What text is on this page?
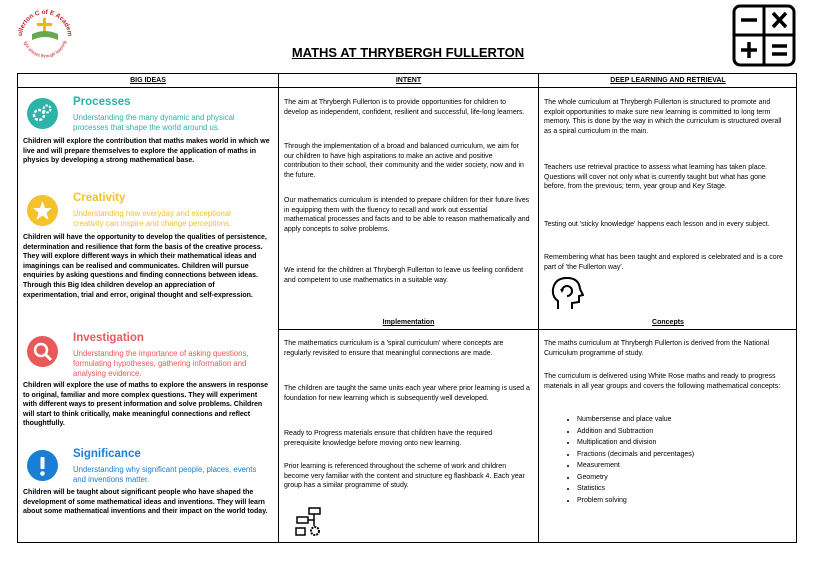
ullerton C of E Academ
ight shines through learning
MATHS AT THRYBERGH FULLERTON
BIG IDEAS
Processes
Understanding the many dynamic and physical processes that shape the world around us.

Children will explore the contribution that maths makes world in which we live and will prepare themselves to explore the application of maths in physics by developing a strong mathematical base.

Creativity
Understanding how everyday and exceptional creativity can inspire and change perceptions.

Children will have the opportunity to develop the qualities of persistence, determination and resilience that form the basis of the creative process. They will explore different ways in which their mathematical ideas and imaginings can be realised and communicates. Children will pursue enquiries by asking questions and finding connections between ideas. Through this Big Idea children develop an appreciation of experimentation, trial and error, original thought and self-expression.

Investigation
Understanding the importance of asking questions, formulating hypotheses, gathering information and analysing evidence.

Children will explore the use of maths to explore the answers in response to original, familiar and more complex questions. They will experiment with different ways to present information and solve problems. Children will start to think critically, make meaningful connections and reflect thoughtfully.

Significance
Understanding why significant people, places, events and inventions matter.

Children will be taught about significant people who have shaped the development of some mathematical ideas and inventions. They will learn about some mathematical inventions and their impact on the world today.

INTENT

The aim at Thrybergh Fullerton is to provide opportunities for children to develop as independent, confident, resilient and successful, life-long learners.

Through the implementation of a broad and balanced curriculum, we aim for our children to have high aspirations to make an active and positive contribution to their school, their community and the wider society, now and in the future.

Our mathematics curriculum is intended to prepare children for their future lives in equipping them with the fluency to recall and work out essential mathematical processes and facts and to be able to reason mathematically and apply concepts to solve problems.

We intend for the children at Thrybergh Fullerton to leave us feeling confident and competent to use mathematics in a suitable way.

Implementation

The mathematics curriculum is a 'spiral curriculum' where concepts are regularly revisited to ensure that meaningful connections are made.

The children are taught the same units each year where prior learning is used a foundation for new learning which is subsequently well developed.

Ready to Progress materials ensure that children have the required prerequisite knowledge before moving onto new learning.

Prior learning is referenced throughout the scheme of work and children become very familiar with the content and structure eg flashback 4. Each year group has a similar programme of study.

DEEP LEARNING AND RETRIEVAL

The whole curriculum at Thrybergh Fullerton is structured to promote and exploit opportunities to make sure new learning is committed to long term memory. This is done by the way in which the curriculum is structured overall as a spiral curriculum in the main.

Teachers use retrieval practice to assess what learning has taken place. Questions will cover not only what is currently taught but what has gone before, from the previous; term, year group and Key Stage.

Testing out 'sticky knowledge' happens each lesson and in every subject.

Remembering what has been taught and explored is celebrated and is a core part of 'the Fullerton way'.

Concepts

The maths curriculum at Thrybergh Fullerton is derived from the National Curriculum programme of study.

The curriculum is delivered using White Rose maths and ready to progress materials in all year groups and covers the following mathematical concepts:

• Numbersense and place value
• Addition and Subtraction
• Multiplication and division
• Fractions (decimals and percentages)
• Measurement
• Geometry
• Statistics
• Problem solving
